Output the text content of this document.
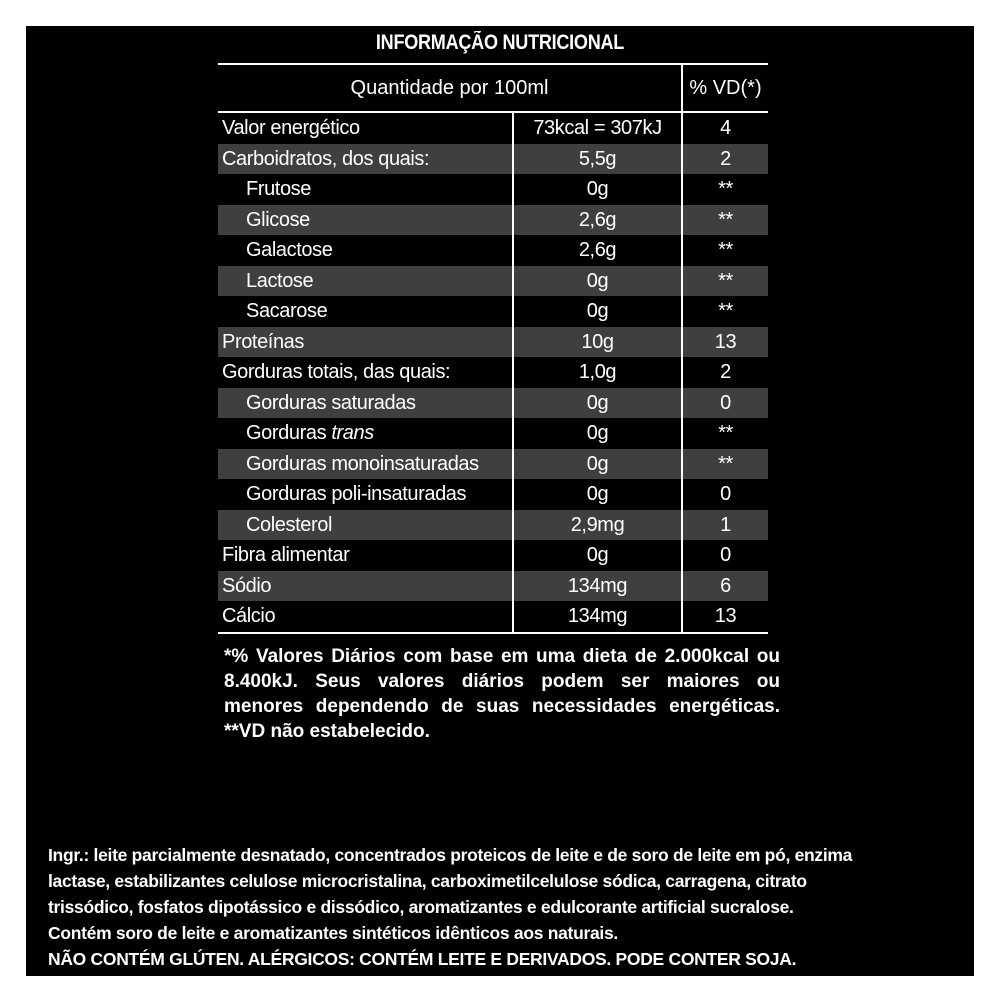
INFORMAÇÃO NUTRICIONAL
Quantidade por 100ml	% VD(*)
Valor energético	73kcal = 307kJ	4
Carboidratos, dos quais:	5,5g	2
Frutose	0g	**
Glicose	2,6g	**
Galactose	2,6g	**
Lactose	0g	**
Sacarose	0g	**
Proteínas	10g	13
Gorduras totais, das quais:	1,0g	2
Gorduras saturadas	0g	0
Gorduras trans	0g	**
Gorduras monoinsaturadas	0g	**
Gorduras poli-insaturadas	0g	0
Colesterol	2,9mg	1
Fibra alimentar	0g	0
Sódio	134mg	6
Cálcio	134mg	13
*% Valores Diários com base em uma dieta de 2.000kcal ou 8.400kJ. Seus valores diários podem ser maiores ou menores dependendo de suas necessidades energéticas. **VD não estabelecido.

Ingr.: leite parcialmente desnatado, concentrados proteicos de leite e de soro de leite em pó, enzima

lactase, estabilizantes celulose microcristalina, carboximetilcelulose sódica, carragena, citrato

trissódico, fosfatos dipotássico e dissódico, aromatizantes e edulcorante artificial sucralose.

Contém soro de leite e aromatizantes sintéticos idênticos aos naturais.

NÃO CONTÉM GLÚTEN. ALÉRGICOS: CONTÉM LEITE E DERIVADOS. PODE CONTER SOJA.
